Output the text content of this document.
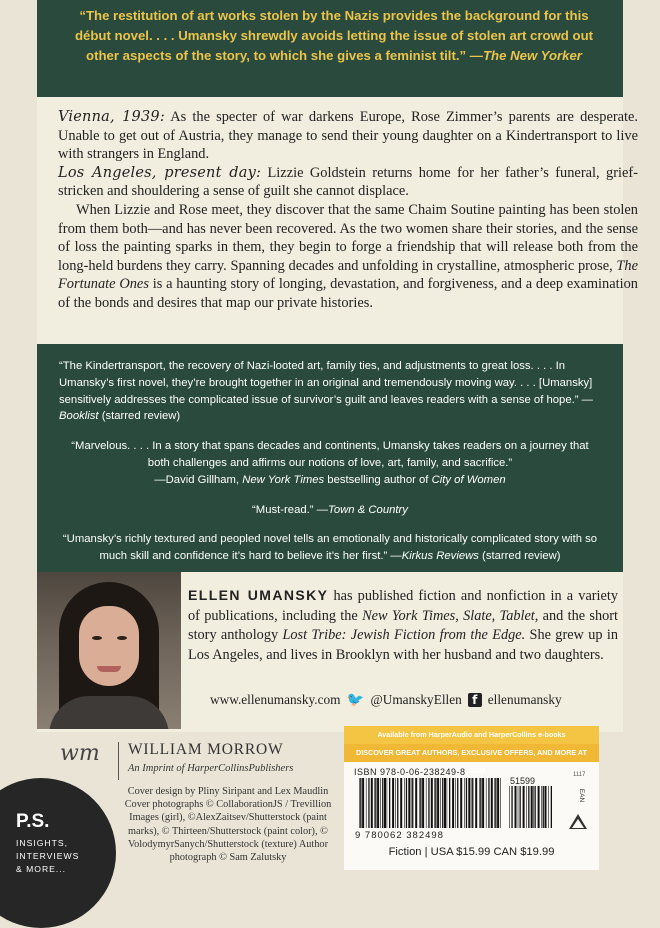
“The restitution of art works stolen by the Nazis provides the background for this début novel. . . . Umansky shrewdly avoids letting the issue of stolen art crowd out other aspects of the story, to which she gives a feminist tilt.” —The New Yorker

Vienna, 1939: As the specter of war darkens Europe, Rose Zimmer’s parents are desperate. Unable to get out of Austria, they manage to send their young daughter on a Kindertransport to live with strangers in England.

Los Angeles, present day: Lizzie Goldstein returns home for her father’s funeral, grief-stricken and shouldering a sense of guilt she cannot displace.

When Lizzie and Rose meet, they discover that the same Chaim Soutine painting has been stolen from them both—and has never been recovered. As the two women share their stories, and the sense of loss the painting sparks in them, they begin to forge a friendship that will release both from the long-held burdens they carry. Spanning decades and unfolding in crystalline, atmospheric prose, The Fortunate Ones is a haunting story of longing, devastation, and forgiveness, and a deep examination of the bonds and desires that map our private histories.

“The Kindertransport, the recovery of Nazi-looted art, family ties, and adjustments to great loss. . . . In Umansky’s first novel, they’re brought together in an original and tremendously moving way. . . . [Umansky] sensitively addresses the complicated issue of survivor’s guilt and leaves readers with a sense of hope.” —Booklist (starred review)

“Marvelous. . . . In a story that spans decades and continents, Umansky takes readers on a journey that both challenges and affirms our notions of love, art, family, and sacrifice.”
—David Gillham, New York Times bestselling author of City of Women

“Must-read.” —Town & Country

“Umansky’s richly textured and peopled novel tells an emotionally and historically complicated story with so much skill and confidence it’s hard to believe it’s her first.” —Kirkus Reviews (starred review)

ELLEN UMANSKY has published fiction and nonfiction in a variety of publications, including the New York Times, Slate, Tablet, and the short story anthology Lost Tribe: Jewish Fiction from the Edge. She grew up in Los Angeles, and lives in Brooklyn with her husband and two daughters.
www.ellenumansky.com 🐦 @UmanskyEllen f ellenumansky
wm WILLIAM MORROW
An Imprint of HarperCollinsPublishers
Cover design by Pliny Siripant and Lex Maudlin Cover photographs © CollaborationJS / Trevillion Images (girl), ©AlexZaitsev/Shutterstock (paint marks), © Thirteen/Shutterstock (paint color), © VolodymyrSanych/Shutterstock (texture) Author photograph © Sam Zalutsky
P.S.
INSIGHTS,
INTERVIEWS
& MORE...
Available from HarperAudio and HarperCollins e-books
DISCOVER GREAT AUTHORS, EXCLUSIVE OFFERS, AND MORE AT HC.COM.
ISBN 978-0-06-238249-8
51599
9 780062 382498
1117
EAN
Fiction | USA $15.99 CAN $19.99
